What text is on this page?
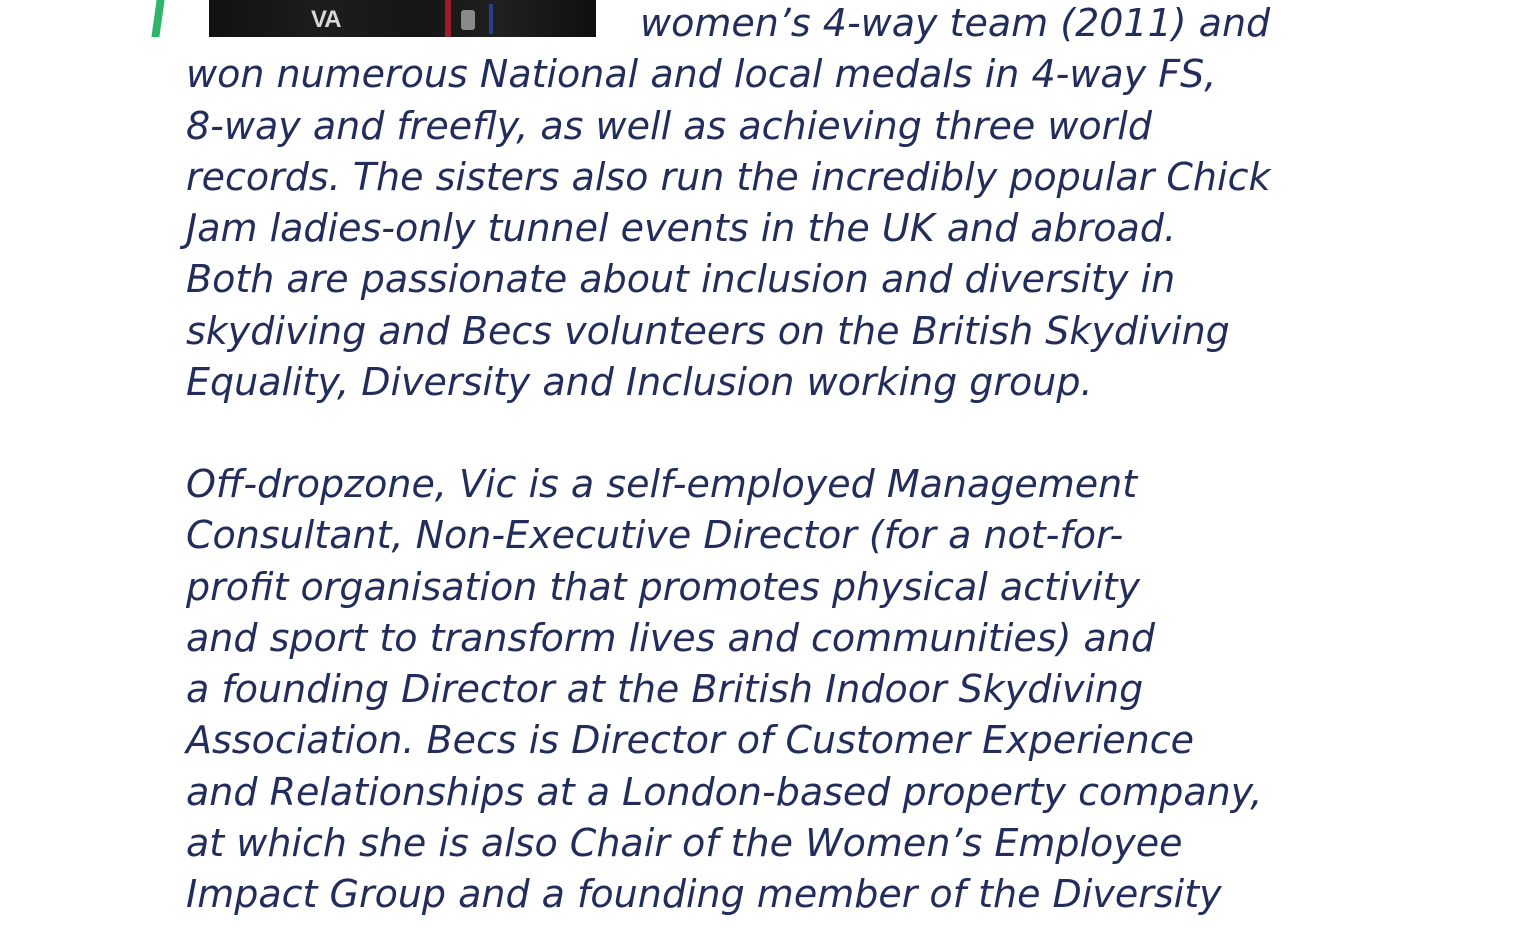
VA	women’s 4-way team (2011) and
won numerous National and local medals in 4-way FS,
8-way and freefly, as well as achieving three world
records. The sisters also run the incredibly popular Chick
Jam ladies-only tunnel events in the UK and abroad.
Both are passionate about inclusion and diversity in
skydiving and Becs volunteers on the British Skydiving
Equality, Diversity and Inclusion working group.

Off-dropzone, Vic is a self-employed Management
Consultant, Non-Executive Director (for a not-for-
profit organisation that promotes physical activity
and sport to transform lives and communities) and
a founding Director at the British Indoor Skydiving
Association. Becs is Director of Customer Experience
and Relationships at a London-based property company,
at which she is also Chair of the Women’s Employee
Impact Group and a founding member of the Diversity
